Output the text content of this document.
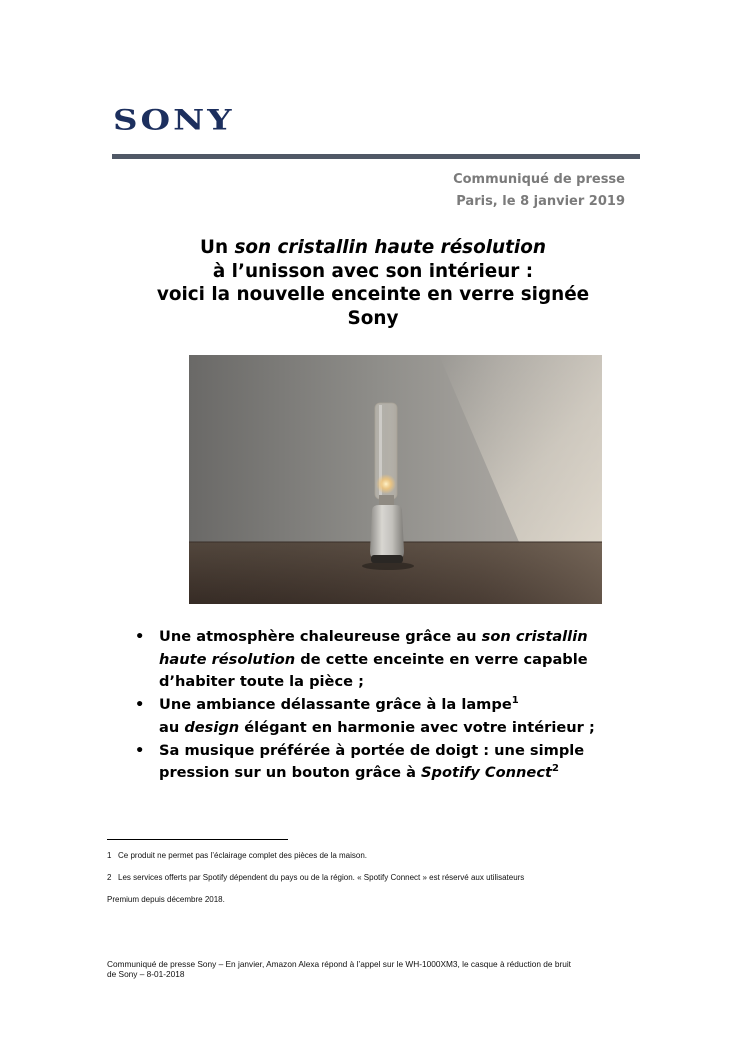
SONY
Communiqué de presse
Paris, le 8 janvier 2019
Un son cristallin haute résolution
à l’unisson avec son intérieur :
voici la nouvelle enceinte en verre signée
Sony
• Une atmosphère chaleureuse grâce au son cristallin
haute résolution de cette enceinte en verre capable
d’habiter toute la pièce ;
• Une ambiance délassante grâce à la lampe$^1$
au design élégant en harmonie avec votre intérieur ;
• Sa musique préférée à portée de doigt : une simple
pression sur un bouton grâce à Spotify Connect$^2$
1 Ce produit ne permet pas l’éclairage complet des pièces de la maison.
2 Les services offerts par Spotify dépendent du pays ou de la région. « Spotify Connect » est réservé aux utilisateurs
Premium depuis décembre 2018.
Communiqué de presse Sony – En janvier, Amazon Alexa répond à l’appel sur le WH-1000XM3, le casque à réduction de bruit
de Sony – 8-01-2018
